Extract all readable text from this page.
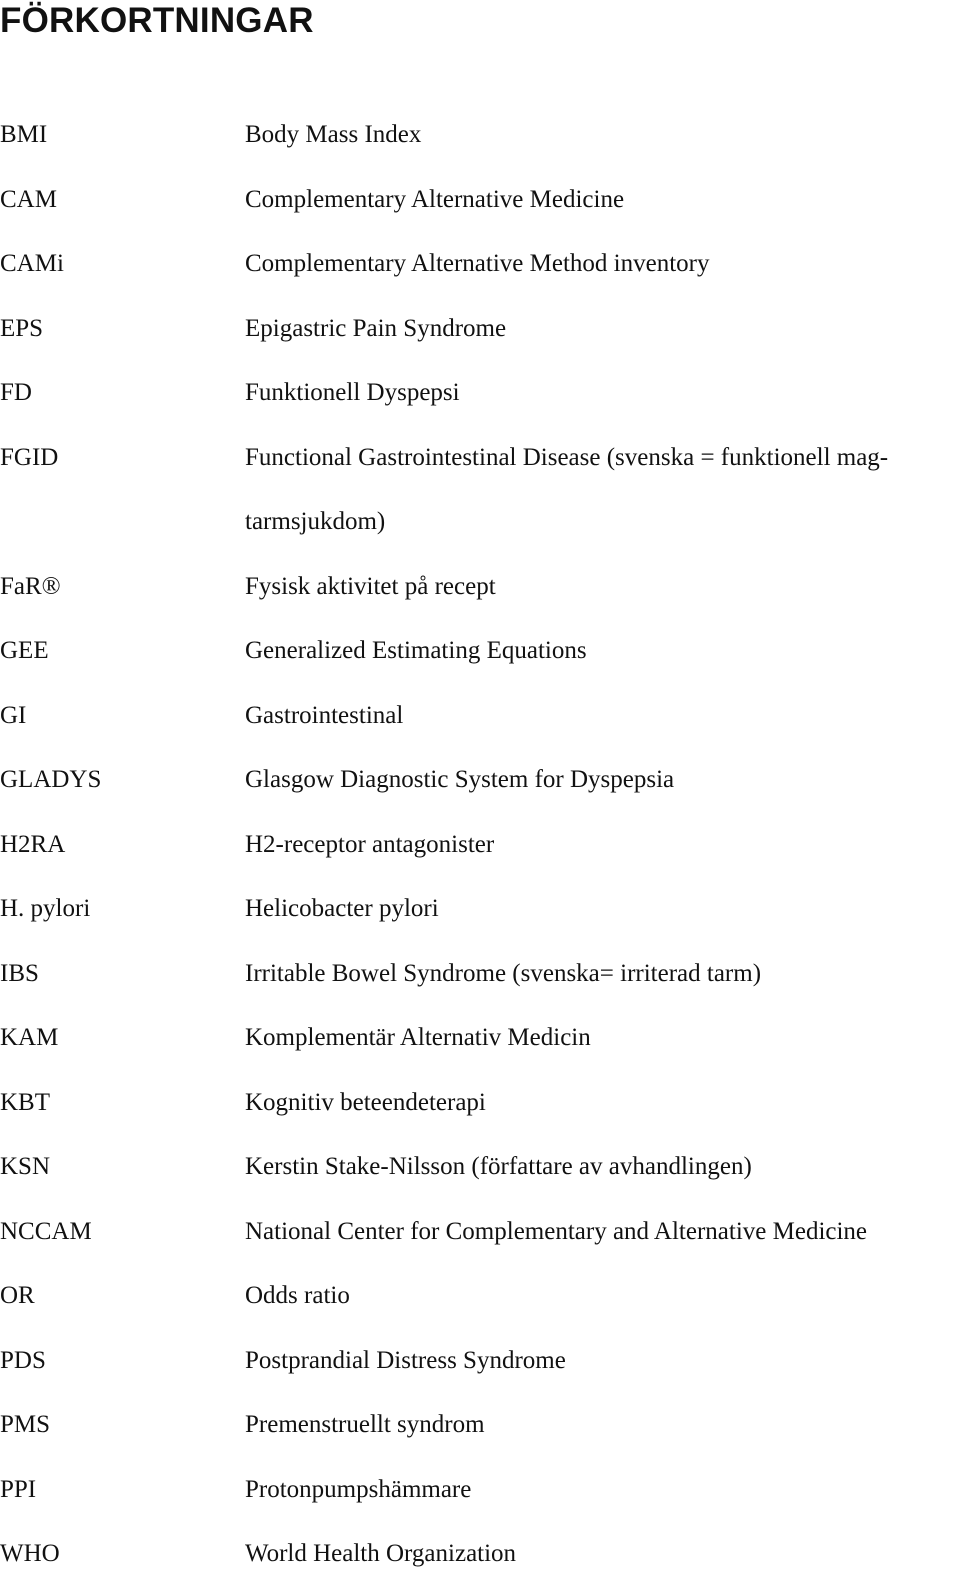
FÖRKORTNINGAR
BMI	Body Mass Index
CAM	Complementary Alternative Medicine
CAMi	Complementary Alternative Method inventory
EPS	Epigastric Pain Syndrome
FD	Funktionell Dyspepsi
FGID	Functional Gastrointestinal Disease (svenska = funktionell mag-tarmsjukdom)
FaR®	Fysisk aktivitet på recept
GEE	Generalized Estimating Equations
GI	Gastrointestinal
GLADYS	Glasgow Diagnostic System for Dyspepsia
H2RA	H2-receptor antagonister
H. pylori	Helicobacter pylori
IBS	Irritable Bowel Syndrome (svenska= irriterad tarm)
KAM	Komplementär Alternativ Medicin
KBT	Kognitiv beteendeterapi
KSN	Kerstin Stake-Nilsson (författare av avhandlingen)
NCCAM	National Center for Complementary and Alternative Medicine
OR	Odds ratio
PDS	Postprandial Distress Syndrome
PMS	Premenstruellt syndrom
PPI	Protonpumpshämmare
WHO	World Health Organization
